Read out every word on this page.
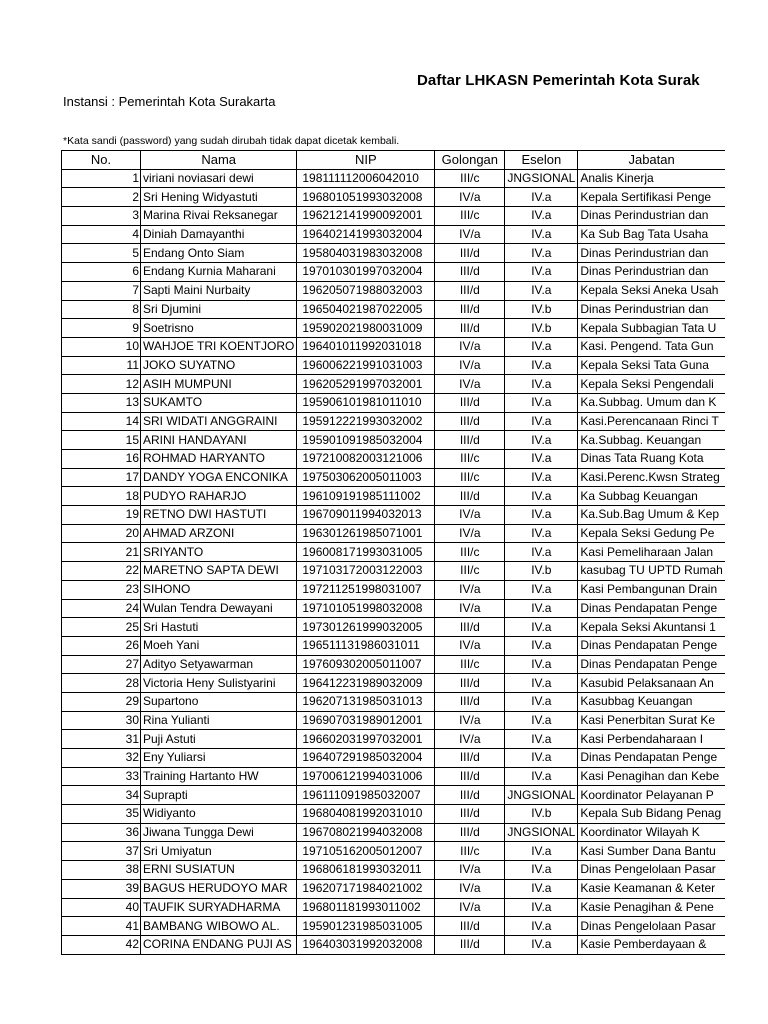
Daftar LHKASN Pemerintah Kota Surak
Instansi : Pemerintah Kota Surakarta
*Kata sandi (password) yang sudah dirubah tidak dapat dicetak kembali.
No.	Nama	NIP	Golongan	Eselon	Jabatan
1	viriani noviasari dewi	198111112006042010	III/c	JNGSIONAL	Analis Kinerja
2	Sri Hening Widyastuti	196801051993032008	IV/a	IV.a	Kepala Sertifikasi Penge
3	Marina Rivai Reksanegar	196212141990092001	III/c	IV.a	Dinas Perindustrian dan
4	Diniah Damayanthi	196402141993032004	IV/a	IV.a	Ka Sub Bag Tata Usaha
5	Endang Onto Siam	195804031983032008	III/d	IV.a	Dinas Perindustrian dan
6	Endang Kurnia Maharani	197010301997032004	III/d	IV.a	Dinas Perindustrian dan
7	Sapti Maini Nurbaity	196205071988032003	III/d	IV.a	Kepala Seksi Aneka Usah
8	Sri Djumini	196504021987022005	III/d	IV.b	Dinas Perindustrian dan
9	Soetrisno	195902021980031009	III/d	IV.b	Kepala Subbagian Tata U
10	WAHJOE TRI KOENTJORO	196401011992031018	IV/a	IV.a	Kasi. Pengend. Tata Gun
11	JOKO SUYATNO	196006221991031003	IV/a	IV.a	Kepala Seksi Tata Guna
12	ASIH MUMPUNI	196205291997032001	IV/a	IV.a	Kepala Seksi Pengendali
13	SUKAMTO	195906101981011010	III/d	IV.a	Ka.Subbag. Umum dan K
14	SRI WIDATI ANGGRAINI	195912221993032002	III/d	IV.a	Kasi.Perencanaan Rinci T
15	ARINI HANDAYANI	195901091985032004	III/d	IV.a	Ka.Subbag. Keuangan
16	ROHMAD HARYANTO	197210082003121006	III/c	IV.a	Dinas Tata Ruang Kota
17	DANDY YOGA ENCONIKA	197503062005011003	III/c	IV.a	Kasi.Perenc.Kwsn Strateg
18	PUDYO RAHARJO	196109191985111002	III/d	IV.a	Ka Subbag Keuangan
19	RETNO DWI HASTUTI	196709011994032013	IV/a	IV.a	Ka.Sub.Bag Umum & Kep
20	AHMAD ARZONI	196301261985071001	IV/a	IV.a	Kepala Seksi Gedung Pe
21	SRIYANTO	196008171993031005	III/c	IV.a	Kasi Pemeliharaan Jalan
22	MARETNO SAPTA DEWI	197103172003122003	III/c	IV.b	kasubag TU UPTD Rumah
23	SIHONO	197211251998031007	IV/a	IV.a	Kasi Pembangunan Drain
24	Wulan Tendra Dewayani	197101051998032008	IV/a	IV.a	Dinas Pendapatan Penge
25	Sri Hastuti	197301261999032005	III/d	IV.a	Kepala Seksi Akuntansi 1
26	Moeh Yani	196511131986031011	IV/a	IV.a	Dinas Pendapatan Penge
27	Adityo Setyawarman	197609302005011007	III/c	IV.a	Dinas Pendapatan Penge
28	Victoria Heny Sulistyarini	196412231989032009	III/d	IV.a	Kasubid Pelaksanaan An
29	Supartono	196207131985031013	III/d	IV.a	Kasubbag Keuangan
30	Rina Yulianti	196907031989012001	IV/a	IV.a	Kasi Penerbitan Surat Ke
31	Puji Astuti	196602031997032001	IV/a	IV.a	Kasi Perbendaharaan I
32	Eny Yuliarsi	196407291985032004	III/d	IV.a	Dinas Pendapatan Penge
33	Training Hartanto HW	197006121994031006	III/d	IV.a	Kasi Penagihan dan Kebe
34	Suprapti	196111091985032007	III/d	JNGSIONAL	Koordinator Pelayanan P
35	Widiyanto	196804081992031010	III/d	IV.b	Kepala Sub Bidang Penag
36	Jiwana Tungga Dewi	196708021994032008	III/d	JNGSIONAL	Koordinator Wilayah K
37	Sri Umiyatun	197105162005012007	III/c	IV.a	Kasi Sumber Dana Bantu
38	ERNI SUSIATUN	196806181993032011	IV/a	IV.a	Dinas Pengelolaan Pasar
39	BAGUS HERUDOYO MAR	196207171984021002	IV/a	IV.a	Kasie Keamanan & Keter
40	TAUFIK SURYADHARMA	196801181993011002	IV/a	IV.a	Kasie Penagihan & Pene
41	BAMBANG WIBOWO AL.	195901231985031005	III/d	IV.a	Dinas Pengelolaan Pasar
42	CORINA ENDANG PUJI AS	196403031992032008	III/d	IV.a	Kasie Pemberdayaan &
